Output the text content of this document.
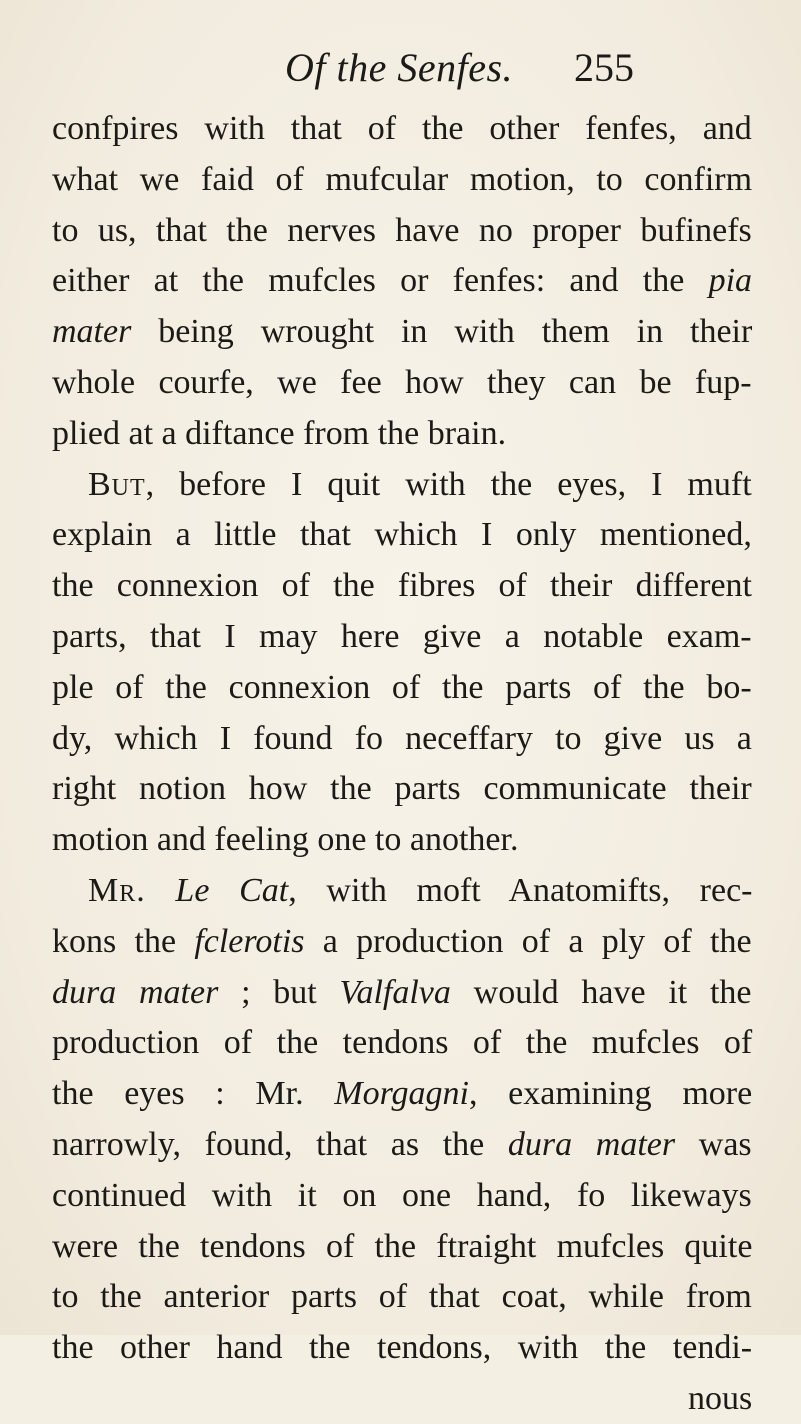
Of the Senfes. 255
confpires with that of the other fenfes, and
what we faid of mufcular motion, to confirm
to us, that the nerves have no proper bufinefs
either at the mufcles or fenfes: and the pia
mater being wrought in with them in their
whole courfe, we fee how they can be fup-
plied at a diftance from the brain.
But, before I quit with the eyes, I muft
explain a little that which I only mentioned,
the connexion of the fibres of their different
parts, that I may here give a notable exam-
ple of the connexion of the parts of the bo-
dy, which I found fo neceffary to give us a
right notion how the parts communicate their
motion and feeling one to another.
Mr. Le Cat, with moft Anatomifts, rec-
kons the fclerotis a production of a ply of the
dura mater ; but Valfalva would have it the
production of the tendons of the mufcles of
the eyes : Mr. Morgagni, examining more
narrowly, found, that as the dura mater was
continued with it on one hand, fo likeways
were the tendons of the ftraight mufcles quite
to the anterior parts of that coat, while from
the other hand the tendons, with the tendi-
nous
